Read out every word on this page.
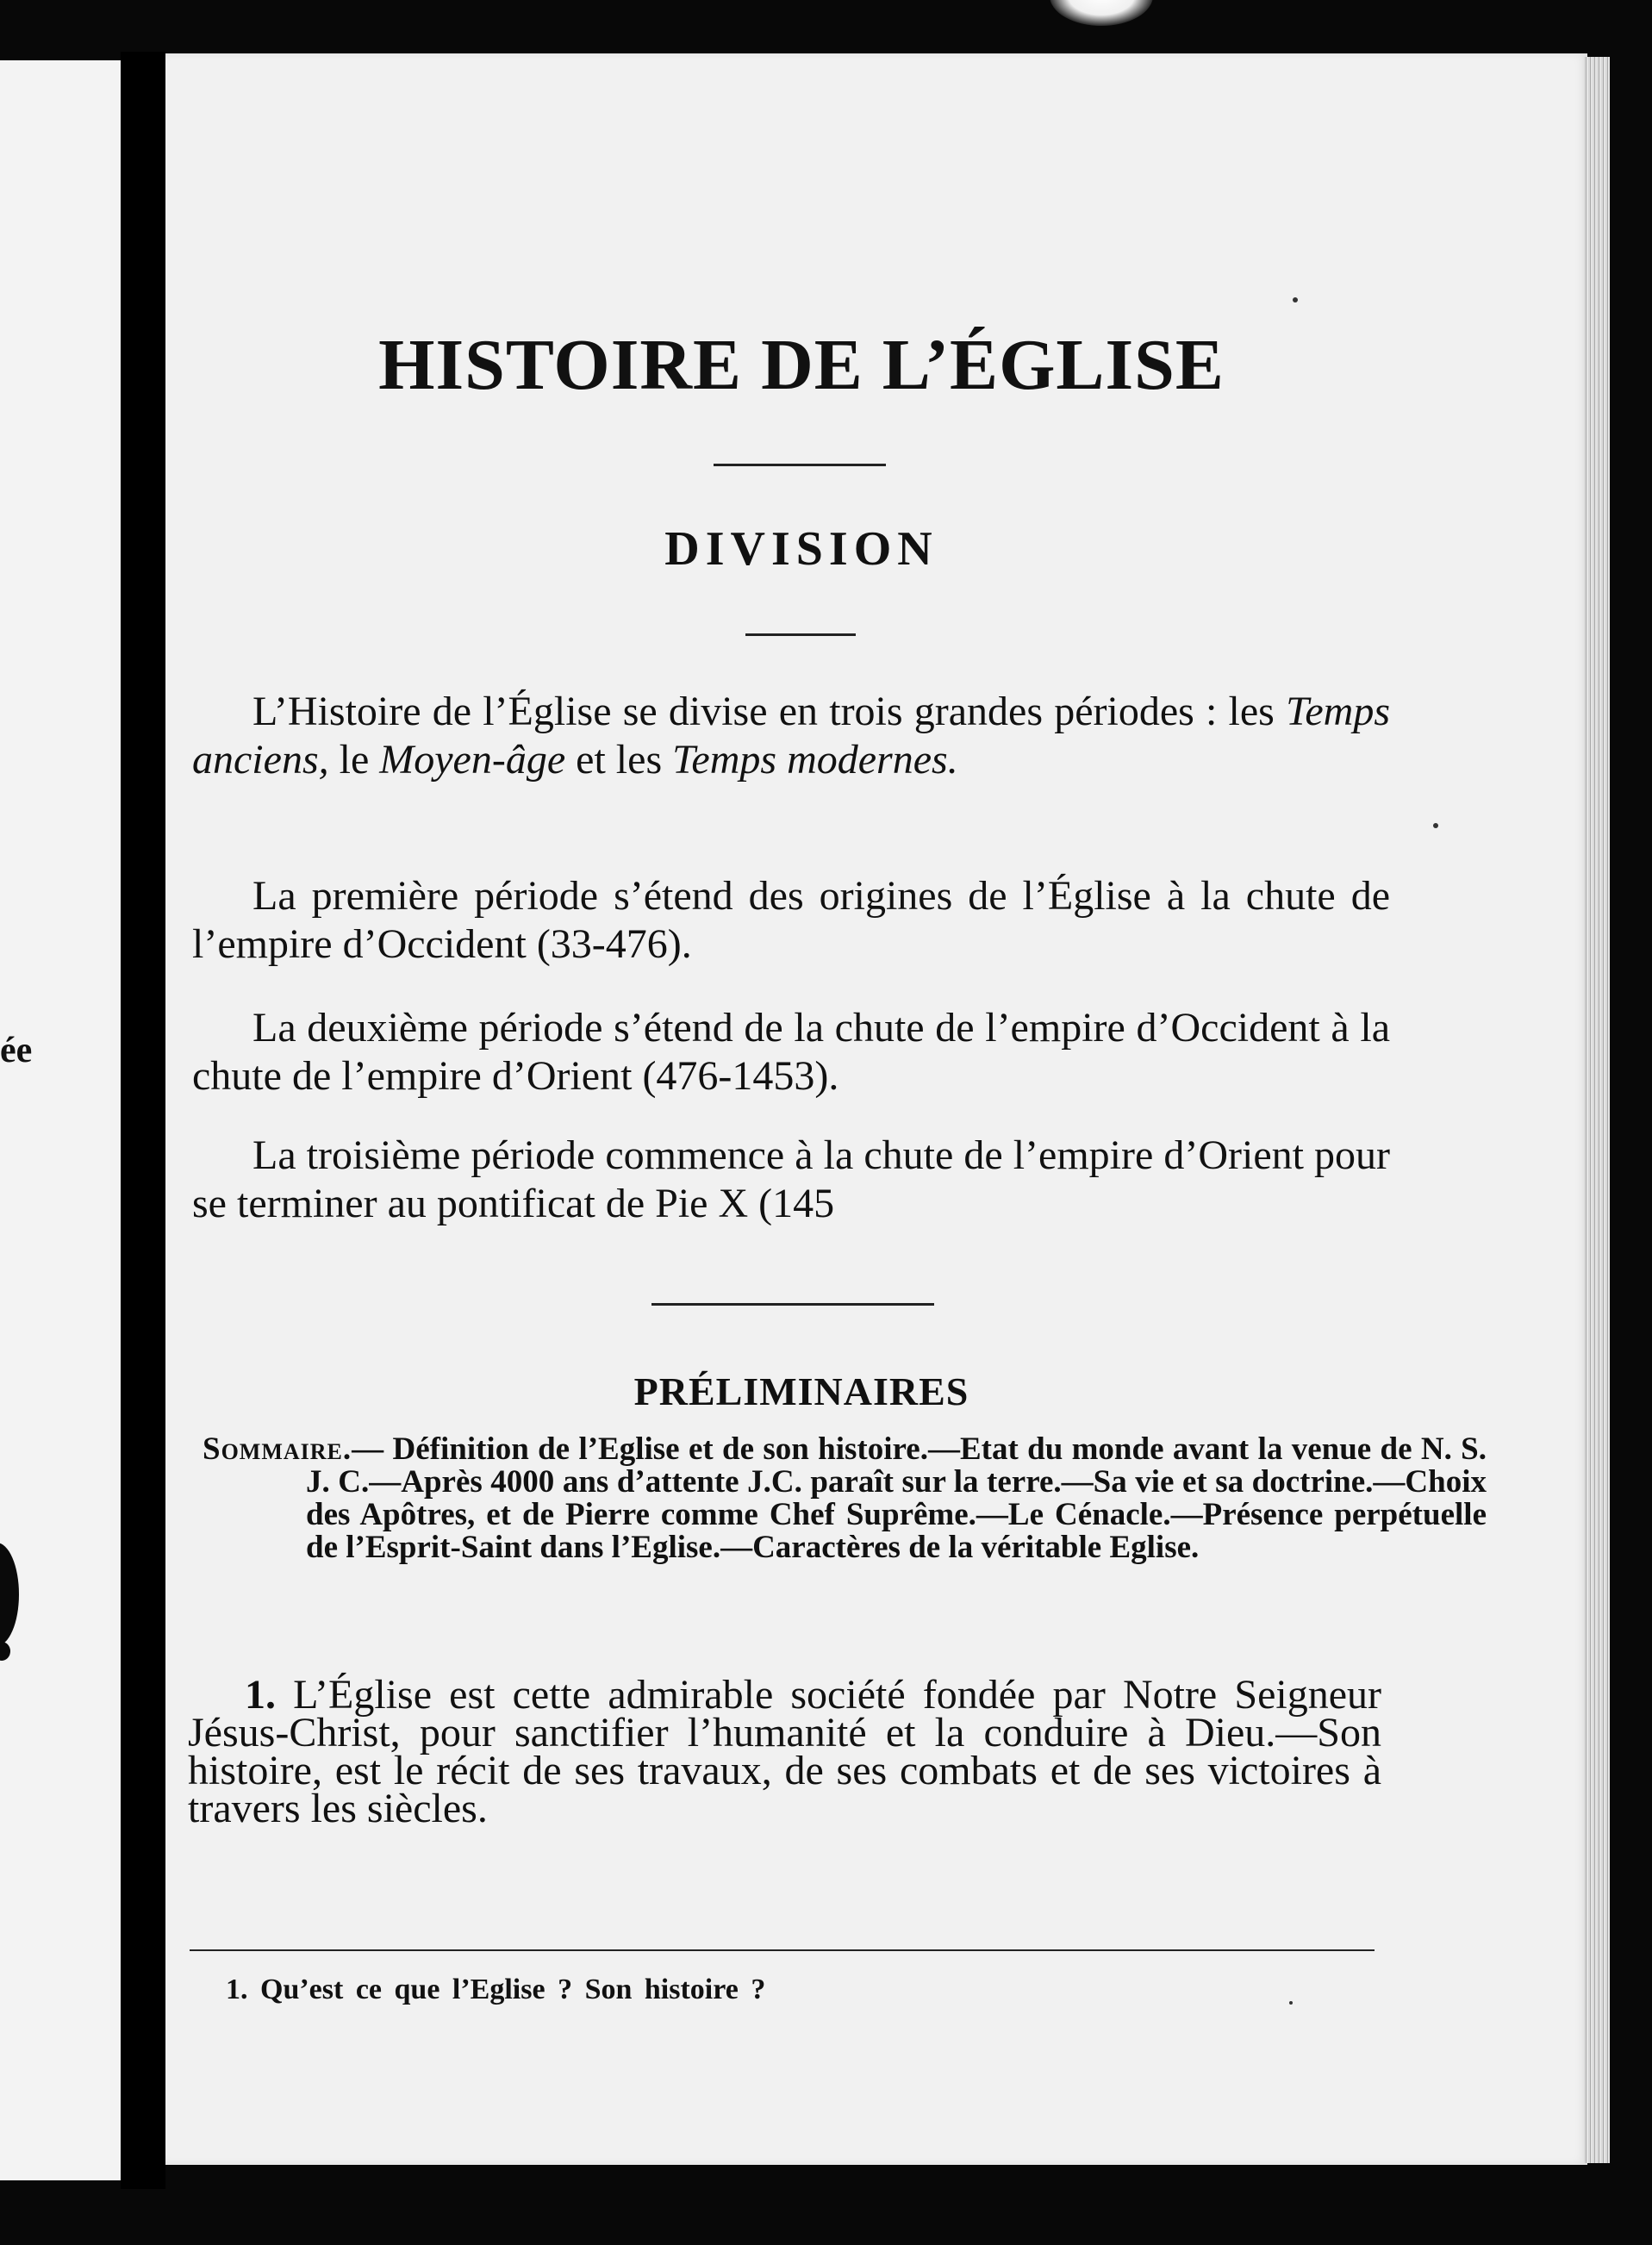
ée
HISTOIRE DE L’ÉGLISE
DIVISION

L’Histoire de l’Église se divise en trois grandes périodes : les Temps anciens, le Moyen-âge et les Temps modernes.

La première période s’étend des origines de l’Église à la chute de l’empire d’Occident (33-476).

La deuxième période s’étend de la chute de l’empire d’Occident à la chute de l’empire d’Orient (476-1453).

La troisième période commence à la chute de l’empire d’Orient pour se terminer au pontificat de Pie X (145

PRÉLIMINAIRES

Sommaire.— Définition de l’Eglise et de son histoire.—Etat du monde avant la venue de N. S. J. C.—Après 4000 ans d’attente J.C. paraît sur la terre.—Sa vie et sa doctrine.—Choix des Apôtres, et de Pierre comme Chef Suprême.—Le Cénacle.—Présence perpétuelle de l’Esprit-Saint dans l’Eglise.—Caractères de la véritable Eglise.

1. L’Église est cette admirable société fondée par Notre Seigneur Jésus-Christ, pour sanctifier l’humanité et la conduire à Dieu.—Son histoire, est le récit de ses travaux, de ses combats et de ses victoires à travers les siècles.

1. Qu’est ce que l’Eglise ? Son histoire ?
